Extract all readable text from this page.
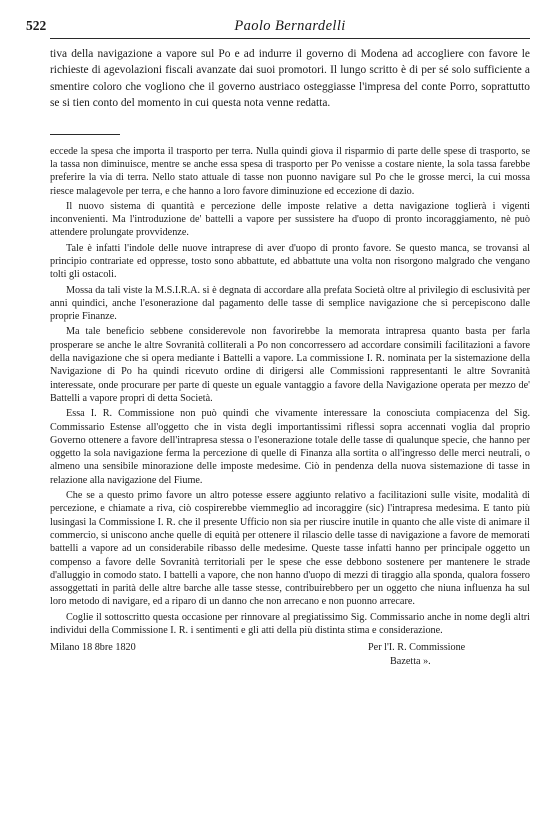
522	Paolo Bernardelli

tiva della navigazione a vapore sul Po e ad indurre il governo di Modena ad accogliere con favore le richieste di agevolazioni fiscali avanzate dai suoi promotori. Il lungo scritto è di per sé solo sufficiente a smentire coloro che vogliono che il governo austriaco osteggiasse l'impresa del conte Porro, soprattutto se si tien conto del momento in cui questa nota venne redatta.

eccede la spesa che importa il trasporto per terra. Nulla quindi giova il risparmio di parte delle spese di trasporto, se la tassa non diminuisce, mentre se anche essa spesa di trasporto per Po venisse a costare niente, la sola tassa farebbe preferire la via di terra. Nello stato attuale di tasse non puonno navigare sul Po che le grosse merci, la cui mossa riesce malagevole per terra, e che hanno a loro favore diminuzione ed eccezione di dazio.

Il nuovo sistema di quantità e percezione delle imposte relative a detta navigazione toglierà i vigenti inconvenienti. Ma l'introduzione de' battelli a vapore per sussistere ha d'uopo di pronto incoraggiamento, nè può attendere prolungate provvidenze.

Tale è infatti l'indole delle nuove intraprese di aver d'uopo di pronto favore. Se questo manca, se trovansi al principio contrariate ed oppresse, tosto sono abbattute, ed abbattute una volta non risorgono malgrado che vengano tolti gli ostacoli.

Mossa da tali viste la M.S.I.R.A. si è degnata di accordare alla prefata Società oltre al privilegio di esclusività per anni quindici, anche l'esonerazione dal pagamento delle tasse di semplice navigazione che si percepiscono dalle proprie Finanze.

Ma tale beneficio sebbene considerevole non favorirebbe la memorata intrapresa quanto basta per farla prosperare se anche le altre Sovranità colliterali a Po non concorressero ad accordare consimili facilitazioni a favore della navigazione che si opera mediante i Battelli a vapore. La commissione I. R. nominata per la sistemazione della Navigazione di Po ha quindi ricevuto ordine di dirigersi alle Commissioni rappresentanti le altre Sovranità interessate, onde procurare per parte di queste un eguale vantaggio a favore della Navigazione operata per mezzo de' Battelli a vapore propri di detta Società.

Essa I. R. Commissione non può quindi che vivamente interessare la conosciuta compiacenza del Sig. Commissario Estense all'oggetto che in vista degli importantissimi riflessi sopra accennati voglia dal proprio Governo ottenere a favore dell'intrapresa stessa o l'esonerazione totale delle tasse di qualunque specie, che hanno per oggetto la sola navigazione ferma la percezione di quelle di Finanza alla sortita o all'ingresso delle merci neutrali, o almeno una sensibile minorazione delle imposte medesime. Ciò in pendenza della nuova sistemazione di tasse in relazione alla navigazione del Fiume.

Che se a questo primo favore un altro potesse essere aggiunto relativo a facilitazioni sulle visite, modalità di percezione, e chiamate a riva, ciò cospirerebbe viemmeglio ad incoraggire (sic) l'intrapresa medesima. E tanto più lusingasi la Commissione I. R. che il presente Ufficio non sia per riuscire inutile in quanto che alle viste di animare il commercio, si uniscono anche quelle di equità per ottenere il rilascio delle tasse di navigazione a favore de memorati battelli a vapore ad un considerabile ribasso delle medesime. Queste tasse infatti hanno per principale oggetto un compenso a favore delle Sovranità territoriali per le spese che esse debbono sostenere per mantenere le strade d'alluggio in comodo stato. I battelli a vapore, che non hanno d'uopo di mezzi di tiraggio alla sponda, qualora fossero assoggettati in parità delle altre barche alle tasse stesse, contribuirebbero per un oggetto che niuna influenza ha sul loro metodo di navigare, ed a riparo di un danno che non arrecano e non puonno arrecare.

Coglie il sottoscritto questa occasione per rinnovare al pregiatissimo Sig. Commissario anche in nome degli altri individui della Commissione I. R. i sentimenti e gli atti della più distinta stima e considerazione.

Milano 18 8bre 1820	Per l'I. R. Commissione
Bazetta ».
